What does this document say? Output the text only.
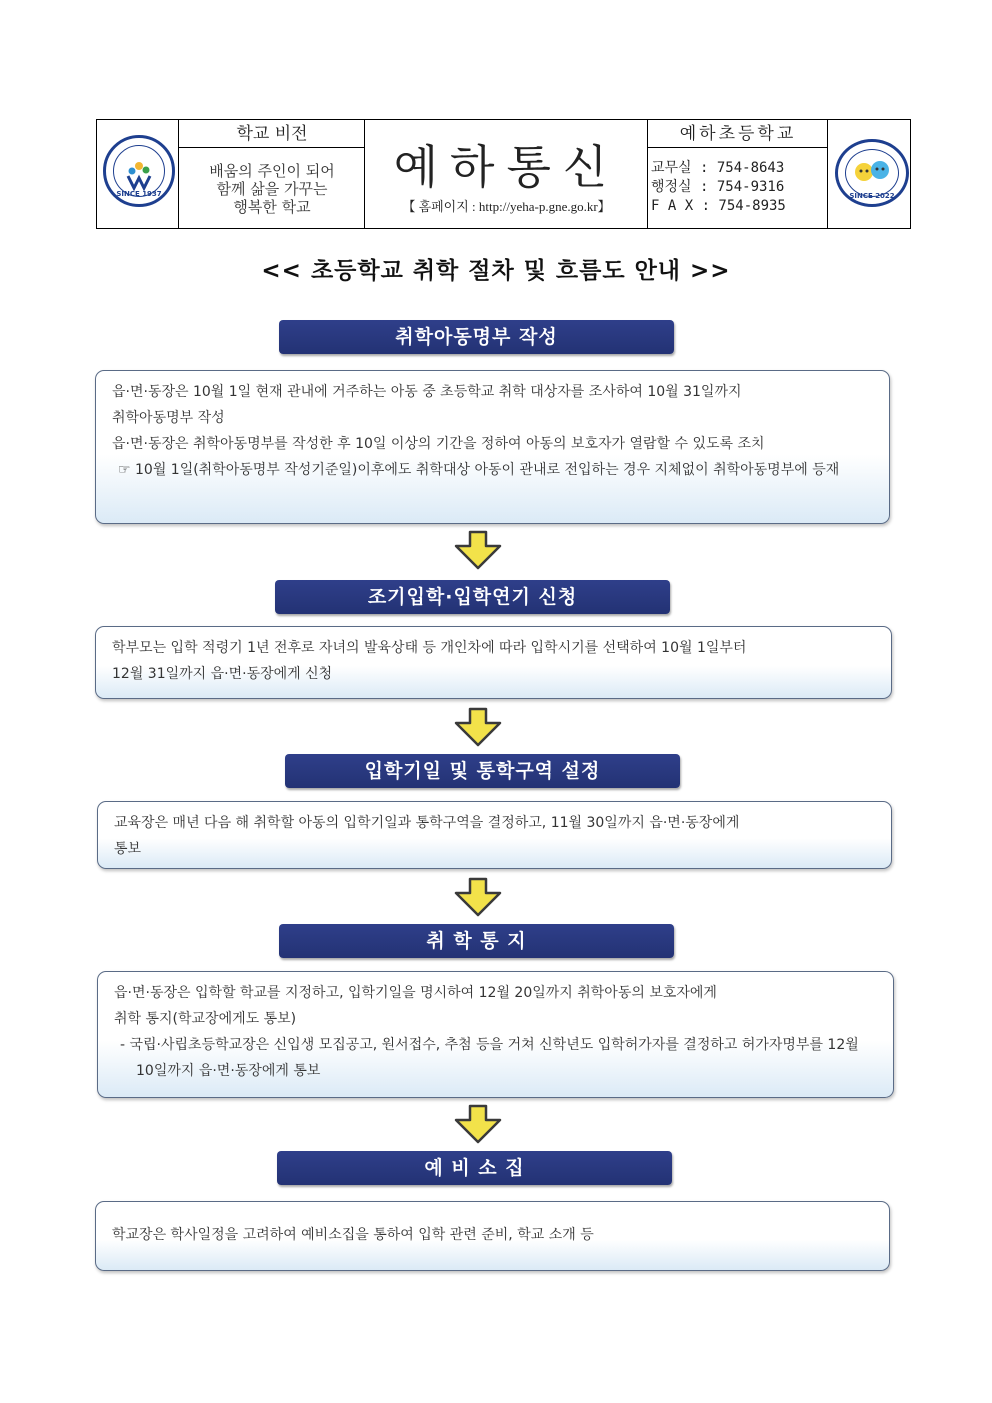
SINCE 1937
학교 비전
배움의 주인이 되어
함께 삶을 가꾸는
행복한 학교
예하통신
【 홈페이지 : http://yeha-p.gne.go.kr】
예하초등학교
교무실 : 754-8643
행정실 : 754-9316
F A X : 754-8935
SINCE 2022
<< 초등학교 취학 절차 및 흐름도 안내 >>
취학아동명부 작성
읍·면·동장은 10월 1일 현재 관내에 거주하는 아동 중 초등학교 취학 대상자를 조사하여 10월 31일까지
취학아동명부 작성
읍·면·동장은 취학아동명부를 작성한 후 10일 이상의 기간을 정하여 아동의 보호자가 열람할 수 있도록 조치
☞ 10월 1일(취학아동명부 작성기준일)이후에도 취학대상 아동이 관내로 전입하는 경우 지체없이 취학아동명부에 등재
조기입학·입학연기 신청
학부모는 입학 적령기 1년 전후로 자녀의 발육상태 등 개인차에 따라 입학시기를 선택하여 10월 1일부터
12월 31일까지 읍·면·동장에게 신청
입학기일 및 통학구역 설정
교육장은 매년 다음 해 취학할 아동의 입학기일과 통학구역을 결정하고, 11월 30일까지 읍·면·동장에게
통보
취 학 통 지
읍·면·동장은 입학할 학교를 지정하고, 입학기일을 명시하여 12월 20일까지 취학아동의 보호자에게
취학 통지(학교장에게도 통보)
- 국립·사립초등학교장은 신입생 모집공고, 원서접수, 추첨 등을 거쳐 신학년도 입학허가자를 결정하고 허가자명부를 12월 10일까지 읍·면·동장에게 통보
예 비 소 집
학교장은 학사일정을 고려하여 예비소집을 통하여 입학 관련 준비, 학교 소개 등
